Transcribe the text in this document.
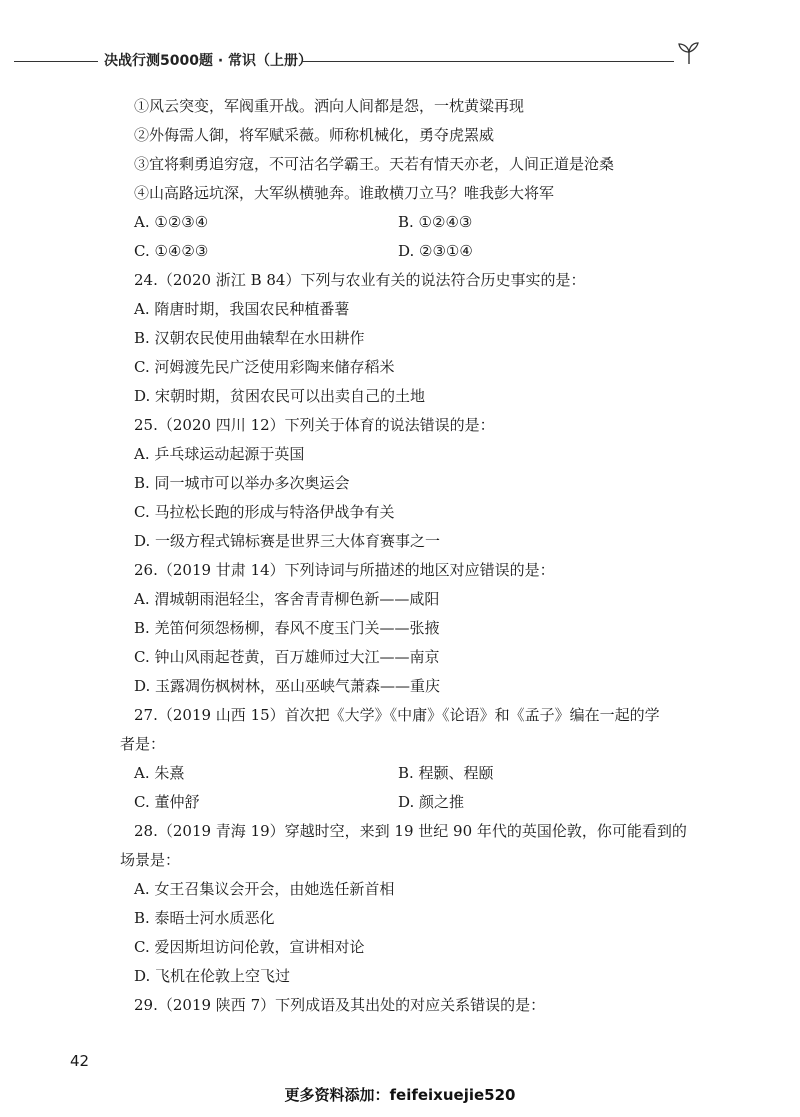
决战行测5000题 · 常识（上册）
①风云突变，军阀重开战。洒向人间都是怨，一枕黄粱再现
②外侮需人御，将军赋采薇。师称机械化，勇夺虎罴威
③宜将剩勇追穷寇，不可沽名学霸王。天若有情天亦老，人间正道是沧桑
④山高路远坑深，大军纵横驰奔。谁敢横刀立马？唯我彭大将军
A. ①②③④	B. ①②④③
C. ①④②③	D. ②③①④
24.（2020 浙江 B 84）下列与农业有关的说法符合历史事实的是：
A. 隋唐时期，我国农民种植番薯
B. 汉朝农民使用曲辕犁在水田耕作
C. 河姆渡先民广泛使用彩陶来储存稻米
D. 宋朝时期，贫困农民可以出卖自己的土地
25.（2020 四川 12）下列关于体育的说法错误的是：
A. 乒乓球运动起源于英国
B. 同一城市可以举办多次奥运会
C. 马拉松长跑的形成与特洛伊战争有关
D. 一级方程式锦标赛是世界三大体育赛事之一
26.（2019 甘肃 14）下列诗词与所描述的地区对应错误的是：
A. 渭城朝雨浥轻尘，客舍青青柳色新——咸阳
B. 羌笛何须怨杨柳，春风不度玉门关——张掖
C. 钟山风雨起苍黄，百万雄师过大江——南京
D. 玉露凋伤枫树林，巫山巫峡气萧森——重庆
27.（2019 山西 15）首次把《大学》《中庸》《论语》和《孟子》编在一起的学
者是：
A. 朱熹	B. 程颢、程颐
C. 董仲舒	D. 颜之推
28.（2019 青海 19）穿越时空，来到 19 世纪 90 年代的英国伦敦，你可能看到的
场景是：
A. 女王召集议会开会，由她选任新首相
B. 泰晤士河水质恶化
C. 爱因斯坦访问伦敦，宣讲相对论
D. 飞机在伦敦上空飞过
29.（2019 陕西 7）下列成语及其出处的对应关系错误的是：
42
更多资料添加：feifeixuejie520
